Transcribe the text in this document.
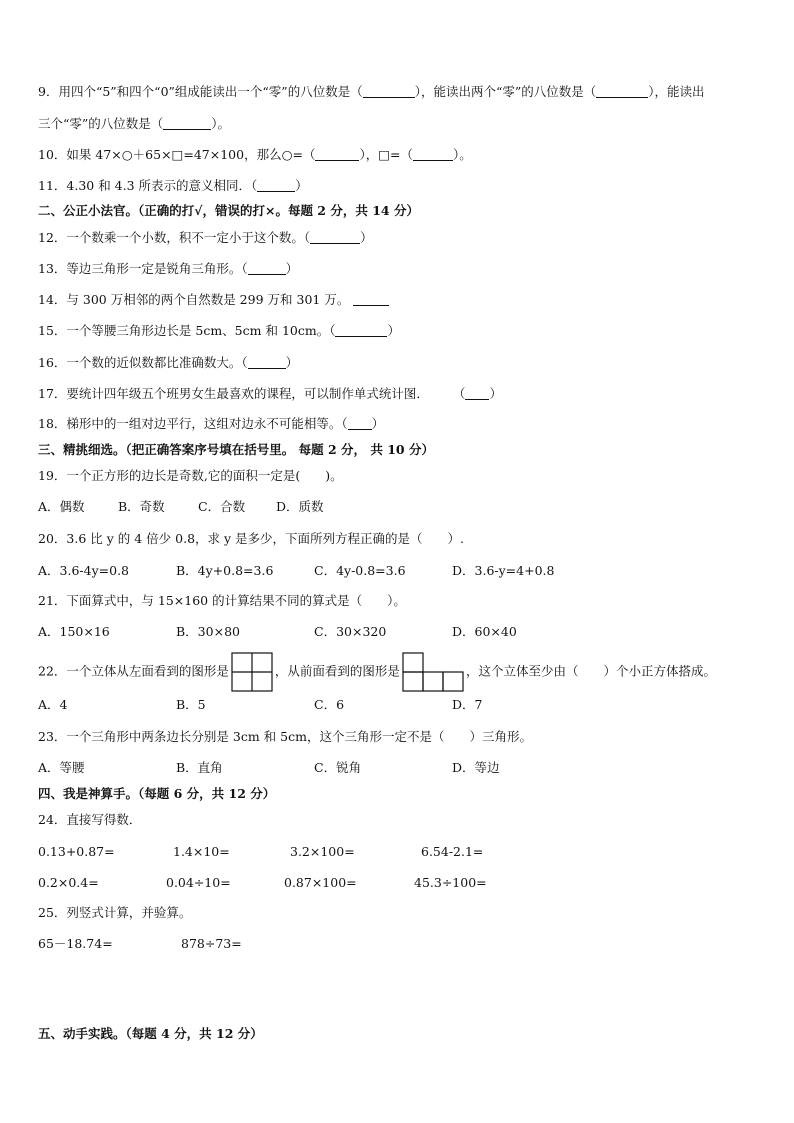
9．用四个“5”和四个“0”组成能读出一个“零”的八位数是（	），能读出两个“零”的八位数是（	），能读出
三个“零”的八位数是（	）。
10．如果 47×○＋65×□=47×100，那么○=（	），□=（	）。
11．4.30 和 4.3 所表示的意义相同．（	）
二、公正小法官。（正确的打√，错误的打×。每题 2 分，共 14 分）
12．一个数乘一个小数，积不一定小于这个数。（	）
13．等边三角形一定是锐角三角形。（	）
14．与 300 万相邻的两个自然数是 299 万和 301 万。
15．一个等腰三角形边长是 5cm、5cm 和 10cm。（	）
16．一个数的近似数都比准确数大。（	）
17．要统计四年级五个班男女生最喜欢的课程，可以制作单式统计图． （ ）
18．梯形中的一组对边平行，这组对边永不可能相等。（ ）
三、精挑细选。（把正确答案序号填在括号里。 每题 2 分， 共 10 分）
19．一个正方形的边长是奇数,它的面积一定是(　　)。
A．偶数	B．奇数	C．合数 D．质数
20．3.6 比 y 的 4 倍少 0.8，求 y 是多少，下面所列方程正确的是（　　）.
A．3.6-4y=0.8	B．4y+0.8=3.6	C．4y-0.8=3.6	D．3.6-y=4+0.8
21．下面算式中，与 15×160 的计算结果不同的算式是（　　）。
A．150×16	B．30×80	C．30×320	D．60×40
22．一个立体从左面看到的图形是	，从前面看到的图形是	，这个立体至少由（　　）个小正方体搭成。
A．4	B．5	C．6	D．7
23．一个三角形中两条边长分别是 3cm 和 5cm，这个三角形一定不是（　　）三角形。
A．等腰	B．直角	C．锐角	D．等边
四、我是神算手。（每题 6 分，共 12 分）
24．直接写得数．
0.13+0.87=	1.4×10=	3.2×100=	6.54-2.1=
0.2×0.4=	0.04÷10=	0.87×100=	45.3÷100=
25．列竖式计算，并验算。
65－18.74=	878÷73=
五、动手实践。（每题 4 分，共 12 分）
